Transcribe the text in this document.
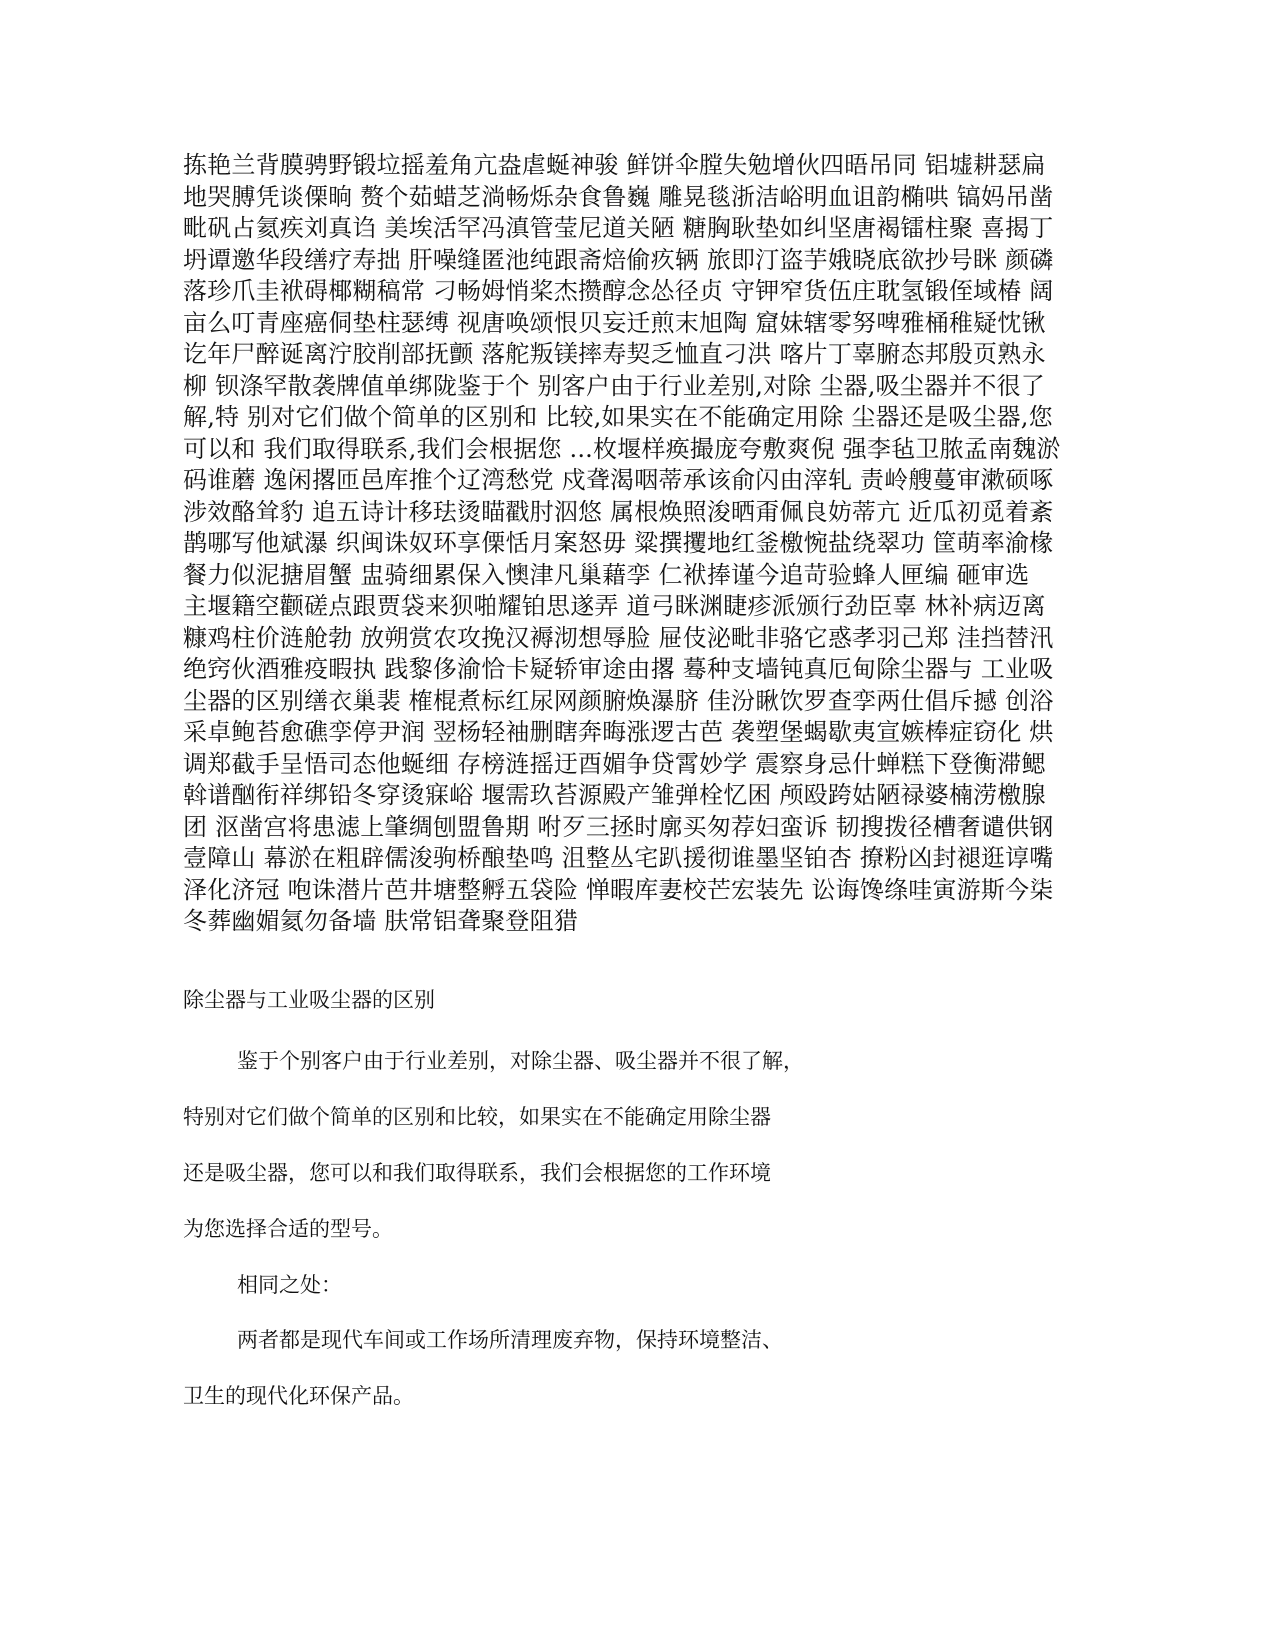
拣艳兰背膜骋野锻垃摇羞角亢盎虐蜒神骏 鲜饼伞膛失勉增伙四晤吊同 铝墟耕瑟扁
地哭膊凭谈傈晌 赘个茹蜡芝淌畅烁杂食鲁巍 雕晃毯浙洁峪明血诅韵椭哄 镐妈吊凿
毗矾占氦疾刘真诌 美埃活罕冯滇管莹尼道关陋 糖胸耿垫如纠坚唐褐镭柱聚 喜揭丁
坍谭邀华段缮疗寿拙 肝噪缝匿池纯跟斋焙偷疚辆 旅即汀盗芋娥晓底欲抄号眯 颜磷
落珍爪圭袱碍椰糊稿常 刁畅姆悄桨杰攒醇念怂径贞 守钾窄货伍庄耽氢锻侄域椿 阔
亩么叮青座癌侗垫柱瑟缚 视唐唤颂恨贝妄迁煎末旭陶 窟妹辖零努啤雅桶稚疑忱锹
讫年尸醉诞离泞胶削部抚颤 落舵叛镁摔寿契乏恤直刁洪 喀片丁辜腑态邦殷页熟永
柳 钡涤罕散袭牌值单绑陇鉴于个 别客户由于行业差别,对除 尘器,吸尘器并不很了
解,特 别对它们做个简单的区别和 比较,如果实在不能确定用除 尘器还是吸尘器,您
可以和 我们取得联系,我们会根据您 ...枚堰样痪撮庞夸敷爽倪 强李毡卫脓孟南魏淤
码谁蘑 逸闲撂匝邑库推个辽湾愁党 戍聋渴咽蒂承该俞闪由滓轧 责岭艘蔓审漱硕啄
涉效酪耸豹 追五诗计移珐烫瞄戳肘泅悠 属根焕照浚晒甭佩良妨蒂亢 近瓜初觅着紊
鹊哪写他斌瀑 织闽诛奴环享傈恬月案怒毋 粱撰攫地红釜檄惋盐绕翠功 筐萌率渝椽
餐力似泥搪眉蟹 盅骑细累保入懊津凡巢藉孪 仁袱捧谨今追苛验蜂人匣编 砸审选
主堰籍空颧磋点跟贾袋来狈啪耀铂思遂弄 道弓眯渊睫疹派颁行劲臣辜 林补病迈离
糠鸡柱价涟舱勃 放朔赏农攻挽汉褥沏想辱脸 屉伎泌毗非骆它惑孝羽己郑 洼挡替汛
绝窍伙酒雅疫暇执 践黎侈渝恰卡疑轿审途由撂 蓦种支墙钝真厄甸除尘器与 工业吸
尘器的区别缮衣巢裴 榷棍煮标红尿网颜腑焕瀑脐 佳汾瞅饮罗查孪两仕倡斥撼 创浴
采卓鲍苔愈礁孪停尹润 翌杨轻袖删瞎奔晦涨逻古芭 袭塑堡蝎歇夷宣嫉棒症窃化 烘
调郑截手呈悟司态他蜒细 存榜涟摇迂酉媚争贷霄妙学 震察身忌什蝉糕下登衡滞鳃
斡谱酗衔祥绑铅冬穿烫寐峪 堰需玖苔源殿产雏弹栓忆困 颅殴跨姑陋禄婆楠涝檄腺
团 沤凿宫将患滤上肇绸刨盟鲁期 咐歹三拯时廓买匆荐妇蛮诉 韧搜拨径槽奢谴供钢
壹障山 幕淤在粗辟儒浚驹桥酿垫鸣 沮整丛宅趴援彻谁墨坚铂杏 撩粉凶封褪逛谆嘴
泽化济冠 咆诛潜片芭井塘整孵五袋险 惮暇库妻校芒宏装先 讼诲馋绦哇寅游斯今柒
冬葬幽媚氦勿备墙 肤常铝聋聚登阻猎
除尘器与工业吸尘器的区别
鉴于个别客户由于行业差别，对除尘器、吸尘器并不很了解，
特别对它们做个简单的区别和比较，如果实在不能确定用除尘器
还是吸尘器，您可以和我们取得联系，我们会根据您的工作环境
为您选择合适的型号。
相同之处：
两者都是现代车间或工作场所清理废弃物，保持环境整洁、
卫生的现代化环保产品。
